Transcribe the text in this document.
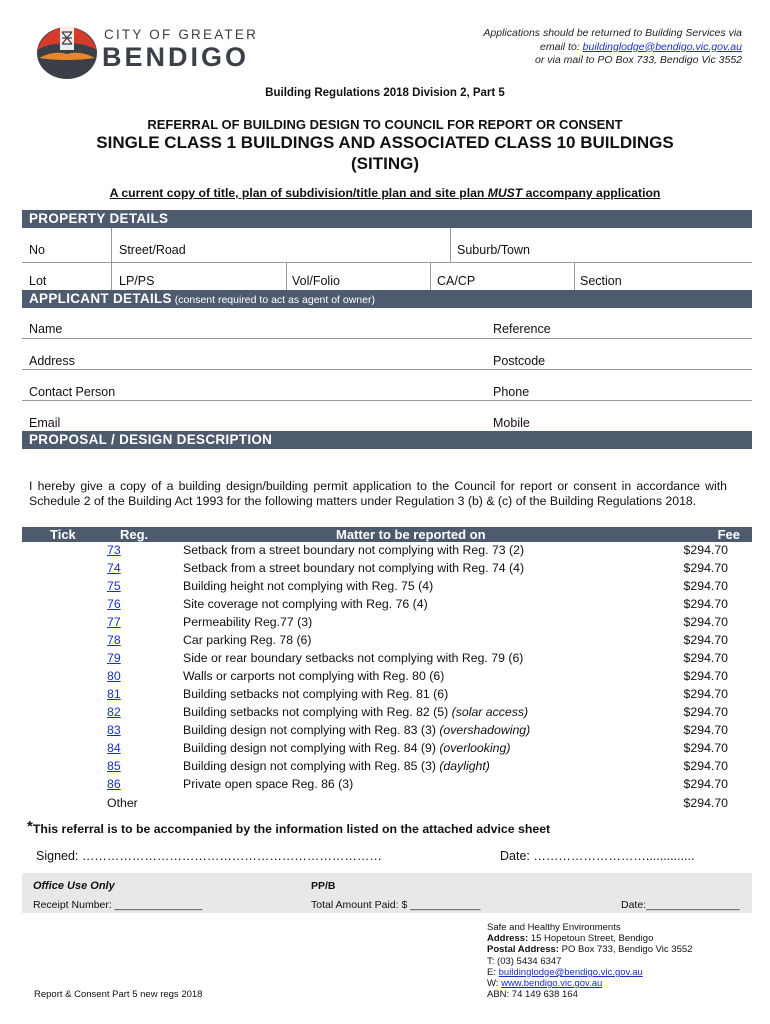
CITY OF GREATER
BENDIGO
Applications should be returned to Building Services via
email to: buildinglodge@bendigo.vic.gov.au
or via mail to PO Box 733, Bendigo Vic 3552
Building Regulations 2018 Division 2, Part 5
REFERRAL OF BUILDING DESIGN TO COUNCIL FOR REPORT OR CONSENT
SINGLE CLASS 1 BUILDINGS AND ASSOCIATED CLASS 10 BUILDINGS
(SITING)
A current copy of title, plan of subdivision/title plan and site plan MUST accompany application
PROPERTY DETAILS
No	Street/Road	Suburb/Town
Lot	LP/PS	Vol/Folio	CA/CP	Section
APPLICANT DETAILS (consent required to act as agent of owner)
Name	Reference
Address	Postcode
Contact Person	Phone
Email	Mobile
PROPOSAL / DESIGN DESCRIPTION
I hereby give a copy of a building design/building permit application to the Council for report or consent in accordance with Schedule 2 of the Building Act 1993 for the following matters under Regulation 3 (b) & (c) of the Building Regulations 2018.
Tick	Reg.	Matter to be reported on	Fee
73	Setback from a street boundary not complying with Reg. 73 (2)	$294.70
74	Setback from a street boundary not complying with Reg. 74 (4)	$294.70
75	Building height not complying with Reg. 75 (4)	$294.70
76	Site coverage not complying with Reg. 76 (4)	$294.70
77	Permeability Reg.77 (3)	$294.70
78	Car parking Reg. 78 (6)	$294.70
79	Side or rear boundary setbacks not complying with Reg. 79 (6)	$294.70
80	Walls or carports not complying with Reg. 80 (6)	$294.70
81	Building setbacks not complying with Reg. 81 (6)	$294.70
82	Building setbacks not complying with Reg. 82 (5) (solar access)	$294.70
83	Building design not complying with Reg. 83 (3) (overshadowing)	$294.70
84	Building design not complying with Reg. 84 (9) (overlooking)	$294.70
85	Building design not complying with Reg. 85 (3) (daylight)	$294.70
86	Private open space Reg. 86 (3)	$294.70
Other	$294.70
*This referral is to be accompanied by the information listed on the attached advice sheet
Signed: ………………………………………………………………	Date: ………………………..............
Office Use Only	PP/B
Receipt Number: _______________	Total Amount Paid: $ ____________	Date:________________
Safe and Healthy Environments
Address: 15 Hopetoun Street, Bendigo
Postal Address: PO Box 733, Bendigo Vic 3552
T: (03) 5434 6347
E: buildinglodge@bendigo.vic.gov.au
W: www.bendigo.vic.gov.au
ABN: 74 149 638 164
Report & Consent Part 5 new regs 2018
